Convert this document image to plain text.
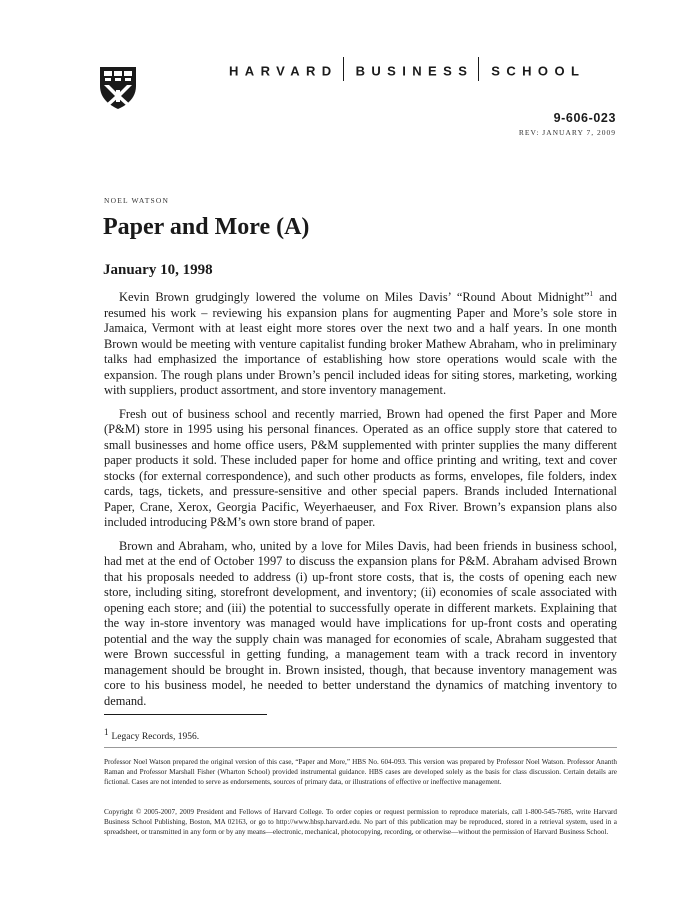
HARVARD BUSINESS SCHOOL
9-606-023
REV: JANUARY 7, 2009
NOEL WATSON
Paper and More (A)
January 10, 1998

Kevin Brown grudgingly lowered the volume on Miles Davis’ “Round About Midnight”$^1$ and resumed his work – reviewing his expansion plans for augmenting Paper and More’s sole store in Jamaica, Vermont with at least eight more stores over the next two and a half years. In one month Brown would be meeting with venture capitalist funding broker Mathew Abraham, who in preliminary talks had emphasized the importance of establishing how store operations would scale with the expansion. The rough plans under Brown’s pencil included ideas for siting stores, marketing, working with suppliers, product assortment, and store inventory management.

Fresh out of business school and recently married, Brown had opened the first Paper and More (P&M) store in 1995 using his personal finances. Operated as an office supply store that catered to small businesses and home office users, P&M supplemented with printer supplies the many different paper products it sold. These included paper for home and office printing and writing, text and cover stocks (for external correspondence), and such other products as forms, envelopes, file folders, index cards, tags, tickets, and pressure-sensitive and other special papers. Brands included International Paper, Crane, Xerox, Georgia Pacific, Weyerhaeuser, and Fox River. Brown’s expansion plans also included introducing P&M’s own store brand of paper.

Brown and Abraham, who, united by a love for Miles Davis, had been friends in business school, had met at the end of October 1997 to discuss the expansion plans for P&M. Abraham advised Brown that his proposals needed to address (i) up-front store costs, that is, the costs of opening each new store, including siting, storefront development, and inventory; (ii) economies of scale associated with opening each store; and (iii) the potential to successfully operate in different markets. Explaining that the way in-store inventory was managed would have implications for up-front costs and operating potential and the way the supply chain was managed for economies of scale, Abraham suggested that were Brown successful in getting funding, a management team with a track record in inventory management should be brought in. Brown insisted, though, that because inventory management was core to his business model, he needed to better understand the dynamics of matching inventory to demand.

$^1$Legacy Records, 1956.
Professor Noel Watson prepared the original version of this case, “Paper and More,” HBS No. 604-093. This version was prepared by Professor Noel Watson. Professor Ananth Raman and Professor Marshall Fisher (Wharton School) provided instrumental guidance. HBS cases are developed solely as the basis for class discussion. Certain details are fictional. Cases are not intended to serve as endorsements, sources of primary data, or illustrations of effective or ineffective management.
Copyright © 2005-2007, 2009 President and Fellows of Harvard College. To order copies or request permission to reproduce materials, call 1-800-545-7685, write Harvard Business School Publishing, Boston, MA 02163, or go to http://www.hbsp.harvard.edu. No part of this publication may be reproduced, stored in a retrieval system, used in a spreadsheet, or transmitted in any form or by any means—electronic, mechanical, photocopying, recording, or otherwise—without the permission of Harvard Business School.
